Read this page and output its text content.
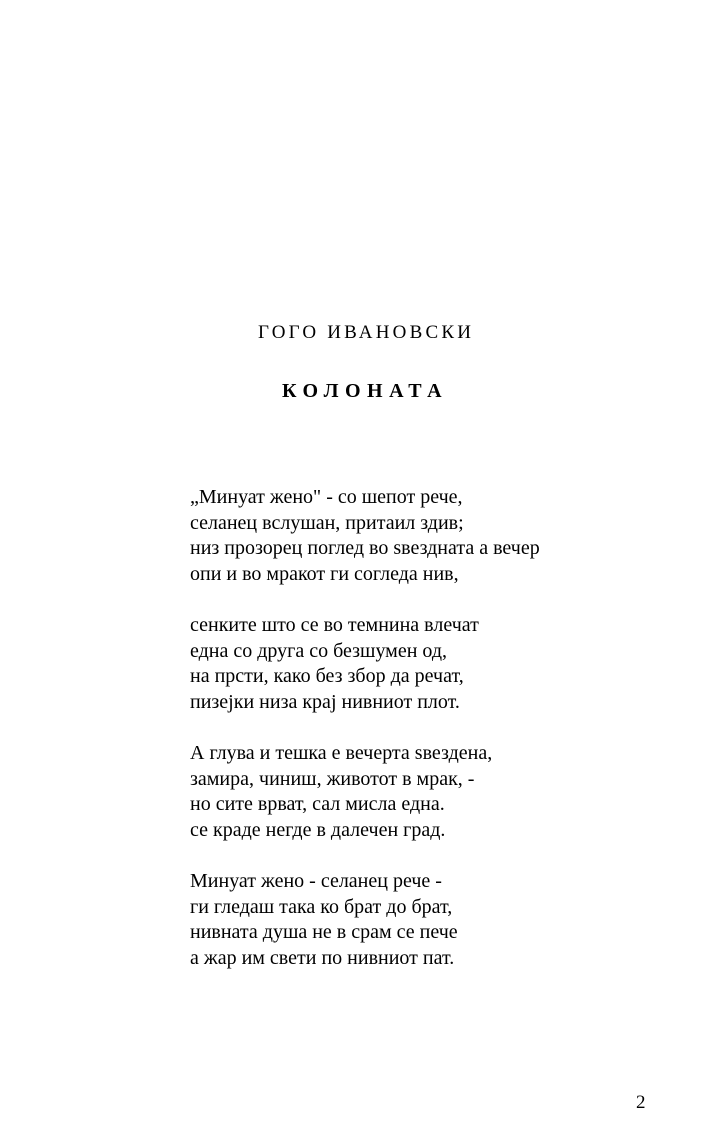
ГОГО ИВАНОВСКИ
КОЛОНАТА
„Минуат жено" - со шепот рече,
селанец вслушан, притаил здив;
низ прозорец поглед во ѕвездната а вечер
опи и во мракот ги согледа нив,
сенките што се во темнина влечат
една со друга со безшумен од,
на прсти, како без збор да речат,
пизејки низа крај нивниот плот.
А глува и тешка е вечерта ѕвездена,
замира, чиниш, животот в мрак, -
но сите врват, сал мисла една.
се краде негде в далечен град.
Минуат жено - селанец рече -
ги гледаш така ко брат до брат,
нивната душа не в срам се пече
а жар им свети по нивниот пат.
2
